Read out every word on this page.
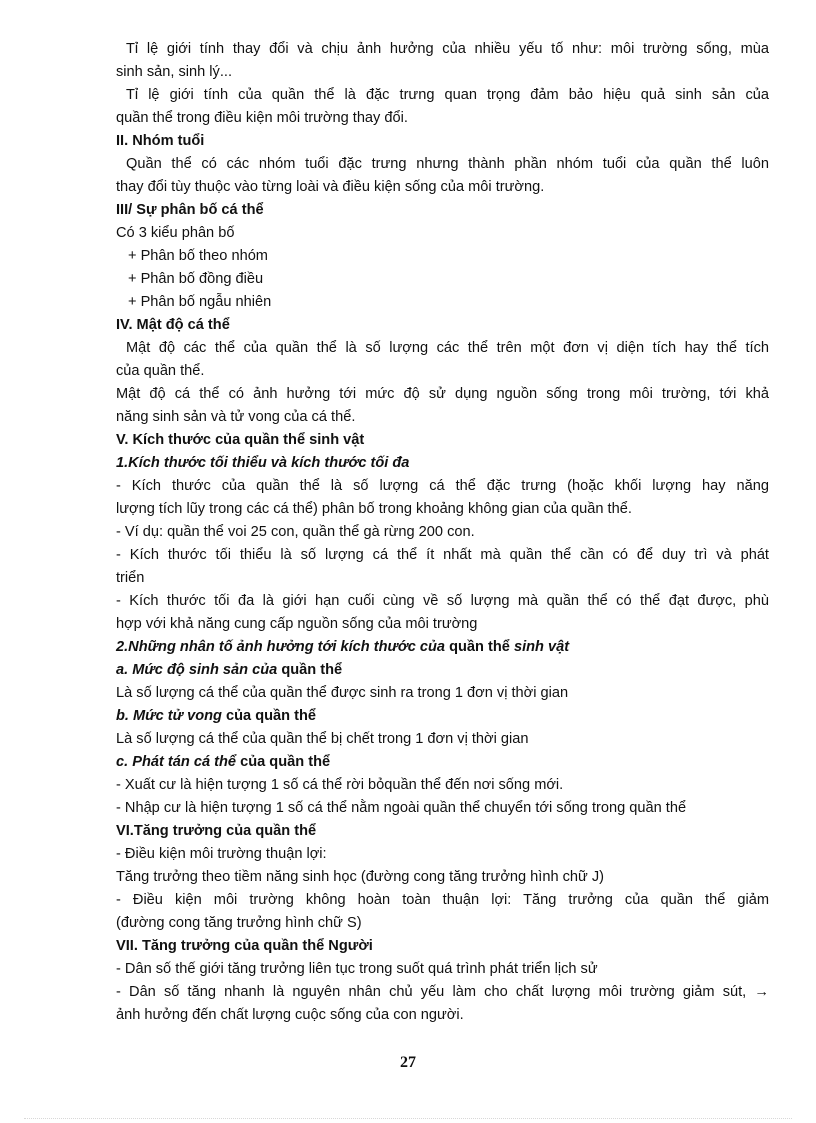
Tỉ lệ giới tính thay đổi và chịu ảnh hưởng của nhiều yếu tố như: môi trường sống, mùa
sinh sản, sinh lý...
Tỉ lệ giới tính của quần thể là đặc trưng quan trọng đảm bảo hiệu quả sinh sản của
quần thể trong điều kiện môi trường thay đổi.
II. Nhóm tuổi
Quần thể có các nhóm tuổi đặc trưng nhưng thành phần nhóm tuổi của quần thể luôn
thay đổi tùy thuộc vào từng loài và điều kiện sống của môi trường.
III/ Sự phân bố cá thể
Có 3 kiểu phân bố
+ Phân bố theo nhóm
+ Phân bố đồng điều
+ Phân bố ngẫu nhiên
IV. Mật độ cá thể
Mật độ các thể của quần thể là số lượng các thể trên một đơn vị diện tích hay thể tích
của quần thể.
Mật độ cá thể có ảnh hưởng tới mức độ sử dụng nguồn sống trong môi trường, tới khả
năng sinh sản và tử vong của cá thể.
V. Kích thước của quần thể sinh vật
1.Kích thước tối thiểu và kích thước tối đa
- Kích thước của quần thể là số lượng cá thể đặc trưng (hoặc khối lượng hay năng
lượng tích lũy trong các cá thể) phân bố trong khoảng không gian của quần thể.
- Ví dụ: quần thể voi 25 con, quần thể gà rừng 200 con.
- Kích thước tối thiểu là số lượng cá thể ít nhất mà quần thể cần có để duy trì và phát
triển
- Kích thước tối đa là giới hạn cuối cùng về số lượng mà quần thể có thể đạt được, phù
hợp với khả năng cung cấp nguồn sống của môi trường
2.Những nhân tố ảnh hưởng tới kích thước của quần thể sinh vật
a. Mức độ sinh sản của quần thể
Là số lượng cá thể của quần thể được sinh ra trong 1 đơn vị thời gian
b. Mức tử vong của quần thể
Là số lượng cá thể của quần thể bị chết trong 1 đơn vị thời gian
c. Phát tán cá thể của quần thể
- Xuất cư là hiện tượng 1 số cá thể rời bỏquần thể đến nơi sống mới.
- Nhập cư là hiện tượng 1 số cá thể nằm ngoài quần thể chuyển tới sống trong quần thể
VI.Tăng trưởng của quần thể
- Điều kiện môi trường thuận lợi:
Tăng trưởng theo tiềm năng sinh học (đường cong tăng trưởng hình chữ J)
- Điều kiện môi trường không hoàn toàn thuận lợi: Tăng trưởng của quần thể giảm
(đường cong tăng trưởng hình chữ S)
VII. Tăng trưởng của quần thể Người
- Dân số thế giới tăng trưởng liên tục trong suốt quá trình phát triển lịch sử
- Dân số tăng nhanh là nguyên nhân chủ yếu làm cho chất lượng môi trường giảm sút, →
ảnh hưởng đến chất lượng cuộc sống của con người.
27
